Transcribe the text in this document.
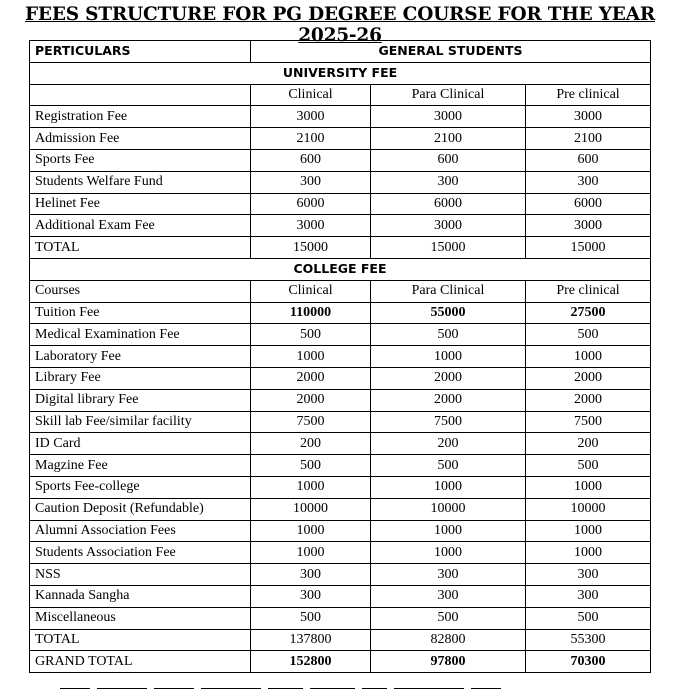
FEES STRUCTURE FOR PG DEGREE COURSE FOR THE YEAR 2025-26
PERTICULARS	GENERAL STUDENTS		
UNIVERSITY FEE			
	Clinical	Para Clinical	Pre clinical
Registration Fee	3000	3000	3000
Admission Fee	2100	2100	2100
Sports Fee	600	600	600
Students Welfare Fund	300	300	300
Helinet Fee	6000	6000	6000
Additional Exam Fee	3000	3000	3000
TOTAL	15000	15000	15000
COLLEGE FEE			
Courses	Clinical	Para Clinical	Pre clinical
Tuition Fee	110000	55000	27500
Medical Examination Fee	500	500	500
Laboratory Fee	1000	1000	1000
Library Fee	2000	2000	2000
Digital library Fee	2000	2000	2000
Skill lab Fee/similar facility	7500	7500	7500
ID Card	200	200	200
Magzine Fee	500	500	500
Sports Fee-college	1000	1000	1000
Caution Deposit (Refundable)	10000	10000	10000
Alumni Association Fees	1000	1000	1000
Students Association Fee	1000	1000	1000
NSS	300	300	300
Kannada Sangha	300	300	300
Miscellaneous	500	500	500
TOTAL	137800	82800	55300
GRAND TOTAL	152800	97800	70300
